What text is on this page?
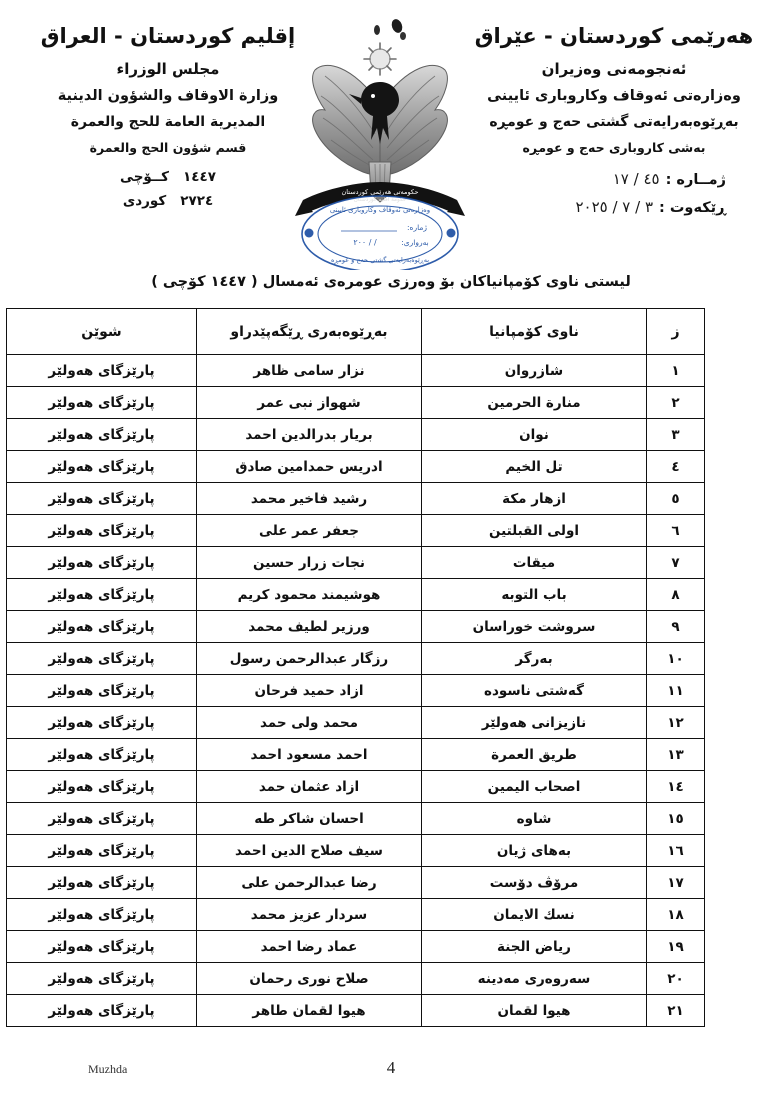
هەرێمی کوردستان - عێراق
ئه‌نجومه‌نی وه‌زیران
وه‌زاره‌تی ئه‌وقاف وکاروباری ئایینی
به‌ڕێوه‌به‌رایه‌تی گشتی حه‌ج و عومڕه
به‌شی کاروباری حه‌ج و عومڕه
ژمــاره‌ :
٤٥ / ١٧
ڕێکه‌وت :
٣ / ٧ / ٢٠٢٥
إقليم كوردستان - العراق
مجلس الوزراء
وزارة الاوقاف والشؤون الدينية
المديرية العامة للحج والعمرة
قسم شؤون الحج والعمرة
١٤٤٧
كــۆچى
٢٧٢٤
كوردى
حکومەتی هەرێمی کوردستان
حكومة اقليم كوردستان
وەزارەتی ئەوقاف وکاروباری ئایینی
ژماره‌:
به‌رواری:
/ / ٢٠٠
به‌ڕێوه‌به‌رایه‌تی گشتی حه‌ج و عومڕه
لیستی ناوی کۆمپانیاکان بۆ وەرزی عومرەی ئەمسال ( ١٤٤٧ کۆچی )
ز	ناوی کۆمپانیا	به‌ڕێوه‌به‌ری ڕێگه‌پێدراو	شوێن
١	شازروان	نزار سامی ظاهر	پارێزگای هه‌ولێر
٢	منارة الحرمين	شهواز نبی عمر	پارێزگای هه‌ولێر
٣	نوان	بریار بدرالدین احمد	پارێزگای هه‌ولێر
٤	تل الخيم	ادریس حمدامین صادق	پارێزگای هه‌ولێر
٥	ازهار مكة	رشید فاخیر محمد	پارێزگای هه‌ولێر
٦	اولى القبلتين	جعفر عمر علی	پارێزگای هه‌ولێر
٧	ميقات	نجات زرار حسین	پارێزگای هه‌ولێر
٨	باب التوبه	هوشیمند محمود کریم	پارێزگای هه‌ولێر
٩	سروشت خوراسان	ورزیر لطیف محمد	پارێزگای هه‌ولێر
١٠	به‌رگر	رزگار عبدالرحمن رسول	پارێزگای هه‌ولێر
١١	گه‌شتی ناسوده	ازاد حمید فرحان	پارێزگای هه‌ولێر
١٢	نازیزانی هه‌ولێر	محمد ولی حمد	پارێزگای هه‌ولێر
١٣	طريق العمرة	احمد مسعود احمد	پارێزگای هه‌ولێر
١٤	اصحاب اليمين	ازاد عثمان حمد	پارێزگای هه‌ولێر
١٥	شاوه	احسان شاکر طه	پارێزگای هه‌ولێر
١٦	به‌های ژیان	سیف صلاح الدین احمد	پارێزگای هه‌ولێر
١٧	مرۆڤ دۆست	رضا عبدالرحمن علی	پارێزگای هه‌ولێر
١٨	نسك الايمان	سردار عزیز محمد	پارێزگای هه‌ولێر
١٩	رياض الجنة	عماد رضا احمد	پارێزگای هه‌ولێر
٢٠	سه‌روه‌ری مه‌دینه	صلاح نوری رحمان	پارێزگای هه‌ولێر
٢١	هیوا لقمان	هیوا لقمان طاهر	پارێزگای هه‌ولێر
Muzhda	4
